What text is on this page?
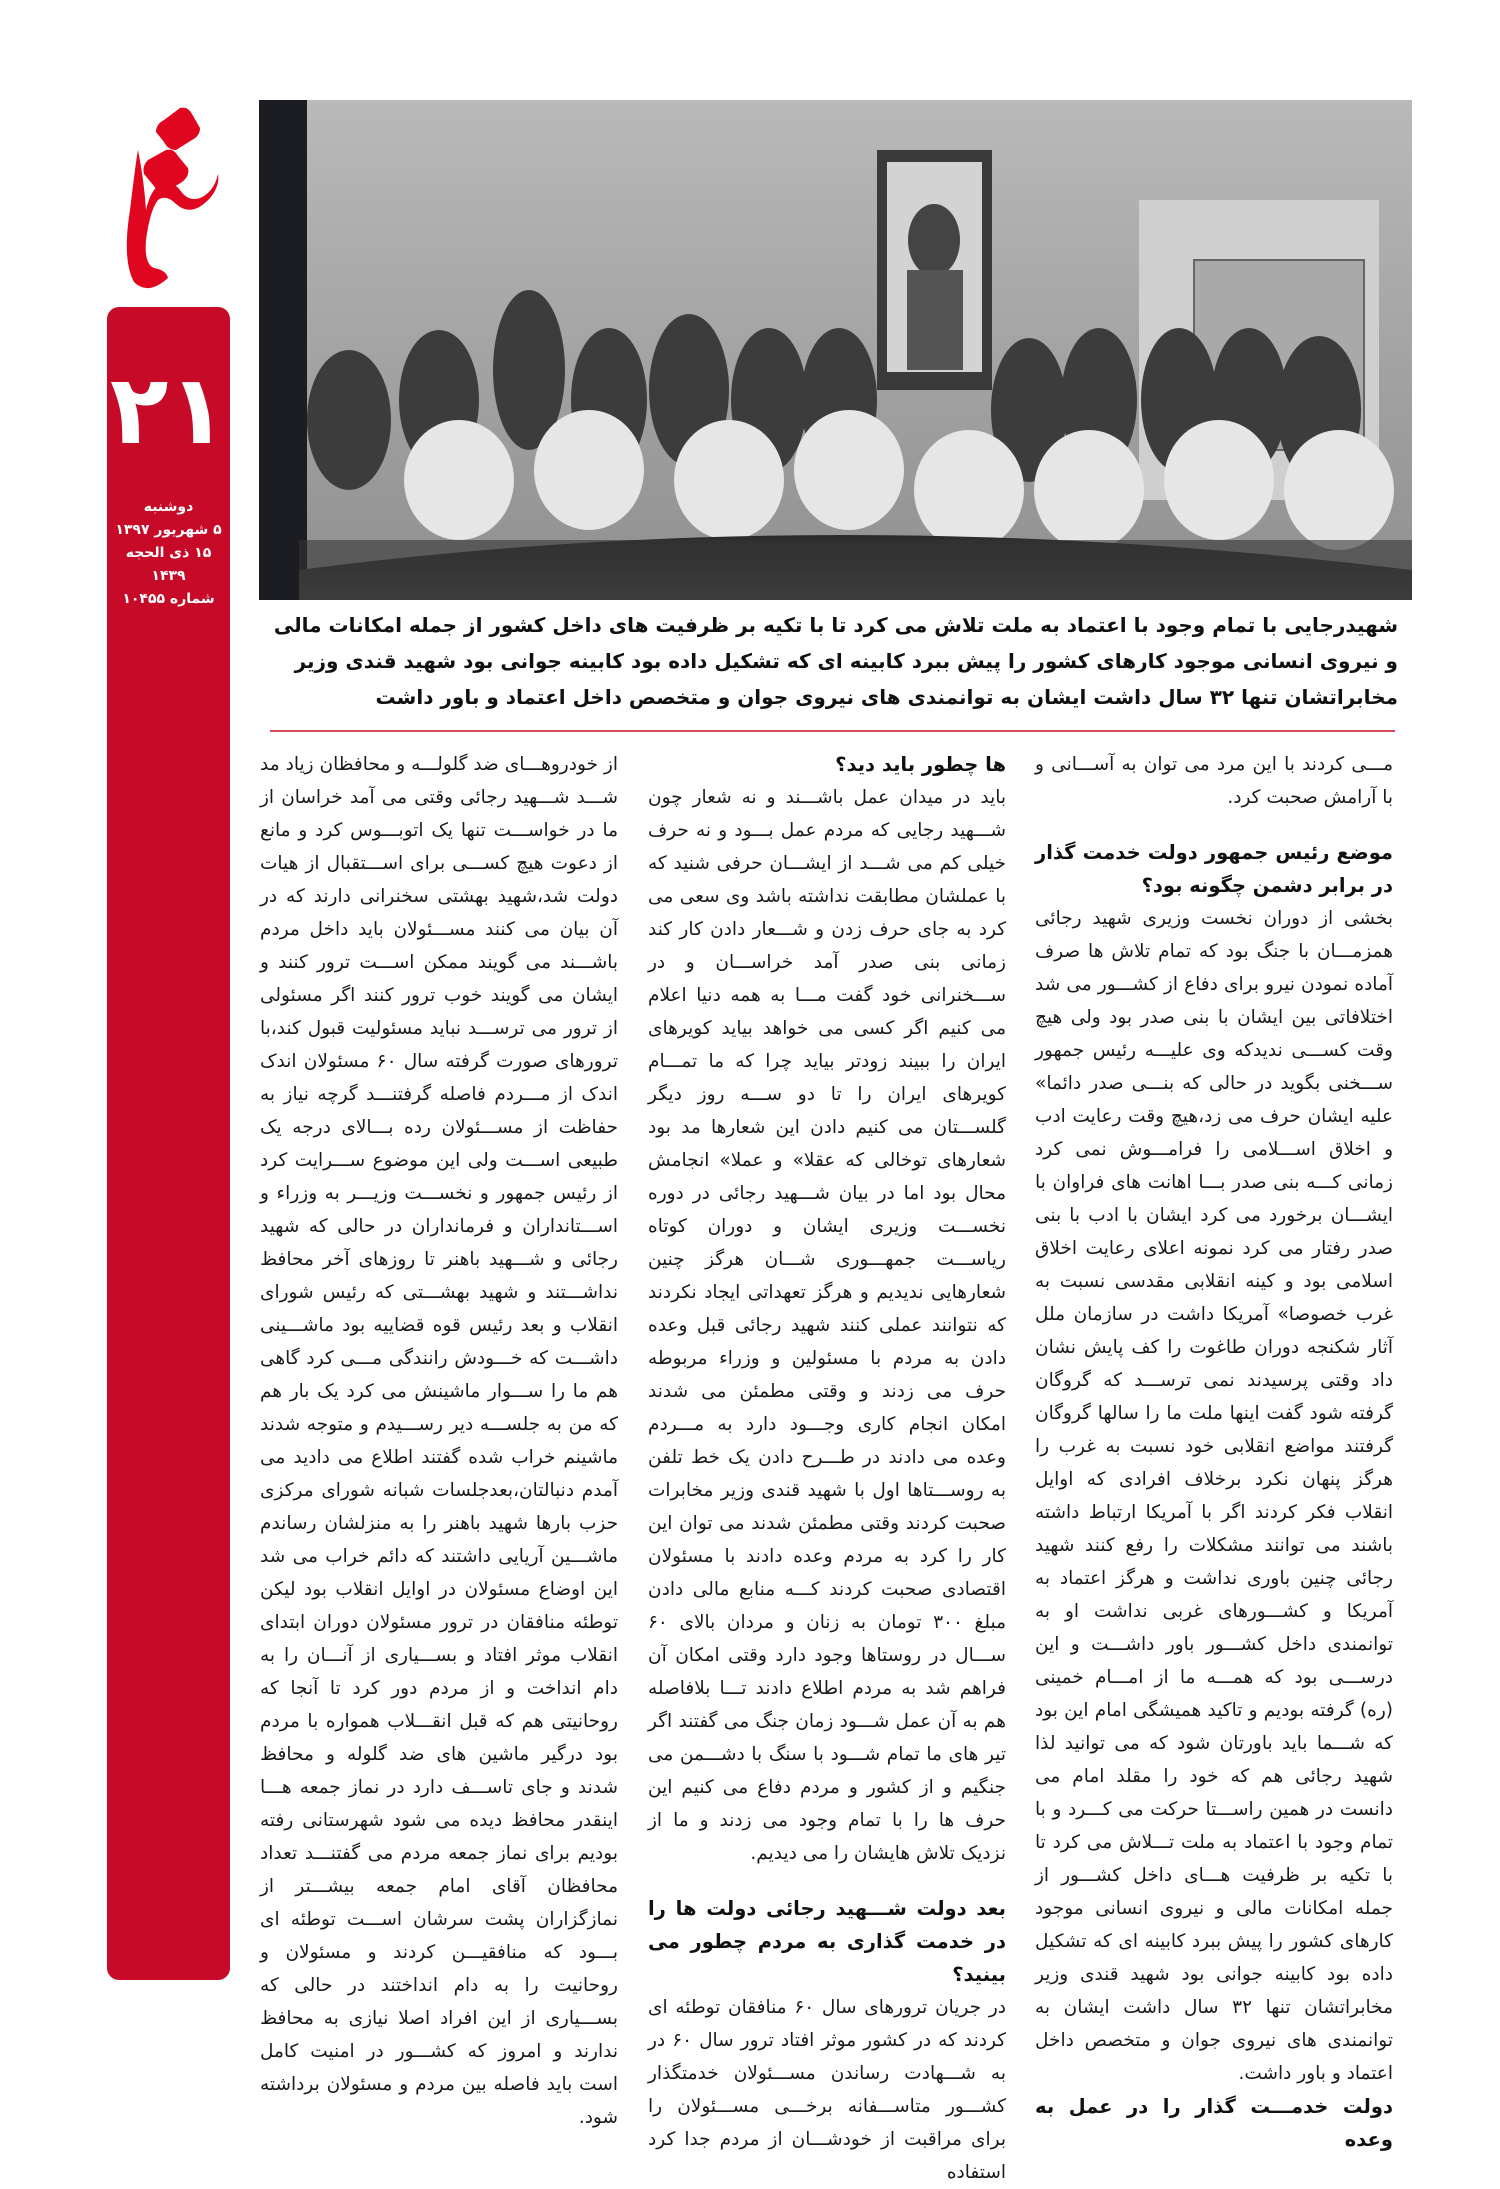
۲۱
دوشنبه
۵ شهریور ۱۳۹۷
۱۵ ذی الحجه ۱۴۳۹
شماره ۱۰۴۵۵
شهیدرجایی با تمام وجود با اعتماد به ملت تلاش می کرد تا با تکیه بر ظرفیت های داخل کشور از جمله امکانات مالی و نیروی انسانی موجود کارهای کشور را پیش ببرد کابینه ای که تشکیل داده بود کابینه جوانی بود شهید قندی وزیر مخابراتشان تنها ۳۲ سال داشت ایشان به توانمندی های نیروی جوان و متخصص داخل اعتماد و باور داشت

مـــی کردند با این مرد می توان به آســـانی و با آرامش صحبت کرد.

موضع رئیس جمهور دولت خدمت گذار در برابر دشمن چگونه بود؟

بخشی از دوران نخست وزیری شهید رجائی همزمـــان با جنگ بود که تمام تلاش ها صرف آماده نمودن نیرو برای دفاع از کشـــور می شد اختلافاتی بین ایشان با بنی صدر بود ولی هیچ وقت کســـی ندیدکه وی علیـــه رئیس جمهور ســـخنی بگوید در حالی که بنـــی صدر دائما» علیه ایشان حرف می زد،هیچ وقت رعایت ادب و اخلاق اســـلامی را فرامـــوش نمی کرد زمانی کـــه بنی صدر بـــا اهانت های فراوان با ایشـــان برخورد می کرد ایشان با ادب با بنی صدر رفتار می کرد نمونه اعلای رعایت اخلاق اسلامی بود و کینه انقلابی مقدسی نسبت به غرب خصوصا» آمریکا داشت در سازمان ملل آثار شکنجه دوران طاغوت را کف پایش نشان داد وقتی پرسیدند نمی ترســـد که گروگان گرفته شود گفت اینها ملت ما را سالها گروگان گرفتند مواضع انقلابی خود نسبت به غرب را هرگز پنهان نکرد برخلاف افرادی که اوایل انقلاب فکر کردند اگر با آمریکا ارتباط داشته باشند می توانند مشکلات را رفع کنند شهید رجائی چنین باوری نداشت و هرگز اعتماد به آمریکا و کشـــورهای غربی نداشت او به توانمندی داخل کشـــور باور داشـــت و این درســـی بود که همـــه ما از امـــام خمینی (ره) گرفته بودیم و تاکید همیشگی امام این بود که شـــما باید باورتان شود که می توانید لذا شهید رجائی هم که خود را مقلد امام می دانست در همین راســـتا حرکت می کـــرد و با تمام وجود با اعتماد به ملت تـــلاش می کرد تا با تکیه بر ظرفیت هـــای داخل کشـــور از جمله امکانات مالی و نیروی انسانی موجود کارهای کشور را پیش ببرد کابینه ای که تشکیل داده بود کابینه جوانی بود شهید قندی وزیر مخابراتشان تنها ۳۲ سال داشت ایشان به توانمندی های نیروی جوان و متخصص داخل اعتماد و باور داشت.

دولت خدمـــت گذار را در عمل به وعده
ها چطور باید دید؟

باید در میدان عمل باشـــند و نه شعار چون شـــهید رجایی که مردم عمل بـــود و نه حرف خیلی کم می شـــد از ایشـــان حرفی شنید که با عملشان مطابقت نداشته باشد وی سعی می کرد به جای حرف زدن و شـــعار دادن کار کند زمانی بنی صدر آمد خراســـان و در ســـخنرانی خود گفت مـــا به همه دنیا اعلام می کنیم اگر کسی می خواهد بیاید کویرهای ایران را ببیند زودتر بیاید چرا که ما تمـــام کویرهای ایران را تا دو ســـه روز دیگر گلســـتان می کنیم دادن این شعارها مد بود شعارهای توخالی که عقلا» و عملا» انجامش محال بود اما در بیان شـــهید رجائی در دوره نخســـت وزیری ایشان و دوران کوتاه ریاســـت جمهـــوری شـــان هرگز چنین شعارهایی ندیدیم و هرگز تعهداتی ایجاد نکردند که نتوانند عملی کنند شهید رجائی قبل وعده دادن به مردم با مسئولین و وزراء مربوطه حرف می زدند و وقتی مطمئن می شدند امکان انجام کاری وجـــود دارد به مـــردم وعده می دادند در طـــرح دادن یک خط تلفن به روســـتاها اول با شهید قندی وزیر مخابرات صحبت کردند وقتی مطمئن شدند می توان این کار را کرد به مردم وعده دادند با مسئولان اقتصادی صحبت کردند کـــه منابع مالی دادن مبلغ ۳۰۰ تومان به زنان و مردان بالای ۶۰ ســـال در روستاها وجود دارد وقتی امکان آن فراهم شد به مردم اطلاع دادند تـــا بلافاصله هم به آن عمل شـــود زمان جنگ می گفتند اگر تیر های ما تمام شـــود با سنگ با دشـــمن می جنگیم و از کشور و مردم دفاع می کنیم این حرف ها را با تمام وجود می زدند و ما از نزدیک تلاش هایشان را می دیدیم.

بعد دولت شـــهید رجائی دولت ها را در خدمت گذاری به مردم چطور می بینید؟

در جریان ترورهای سال ۶۰ منافقان توطئه ای کردند که در کشور موثر افتاد ترور سال ۶۰ در به شـــهادت رساندن مســـئولان خدمتگذار کشـــور متاســـفانه برخـــی مســـئولان را برای مراقبت از خودشـــان از مردم جدا کرد استفاده

از خودروهـــای ضد گلولـــه و محافظان زیاد مد شـــد شـــهید رجائی وقتی می آمد خراسان از ما در خواســـت تنها یک اتوبـــوس کرد و مانع از دعوت هیچ کســـی برای اســـتقبال از هیات دولت شد،شهید بهشتی سخنرانی دارند که در آن بیان می کنند مســـئولان باید داخل مردم باشـــند می گویند ممکن اســـت ترور کنند و ایشان می گویند خوب ترور کنند اگر مسئولی از ترور می ترســـد نباید مسئولیت قبول کند،با ترورهای صورت گرفته سال ۶۰ مسئولان اندک اندک از مـــردم فاصله گرفتنـــد گرچه نیاز به حفاظت از مســـئولان رده بـــالای درجه یک طبیعی اســـت ولی این موضوع ســـرایت کرد از رئیس جمهور و نخســـت وزیـــر به وزراء و اســـتانداران و فرمانداران در حالی که شهید رجائی و شـــهید باهنر تا روزهای آخر محافظ نداشـــتند و شهید بهشـــتی که رئیس شورای انقلاب و بعد رئیس قوه قضاییه بود ماشـــینی داشـــت که خـــودش رانندگی مـــی کرد گاهی هم ما را ســـوار ماشینش می کرد یک بار هم که من به جلســـه دیر رســـیدم و متوجه شدند ماشینم خراب شده گفتند اطلاع می دادید می آمدم دنبالتان،بعدجلسات شبانه شورای مرکزی حزب بارها شهید باهنر را به منزلشان رساندم ماشـــین آریایی داشتند که دائم خراب می شد این اوضاع مسئولان در اوایل انقلاب بود لیکن توطئه منافقان در ترور مسئولان دوران ابتدای انقلاب موثر افتاد و بســـیاری از آنـــان را به دام انداخت و از مردم دور کرد تا آنجا که روحانیتی هم که قبل انقـــلاب همواره با مردم بود درگیر ماشین های ضد گلوله و محافظ شدند و جای تاســـف دارد در نماز جمعه هـــا اینقدر محافظ دیده می شود شهرستانی رفته بودیم برای نماز جمعه مردم می گفتنـــد تعداد محافظان آقای امام جمعه بیشـــتر از نمازگزاران پشت سرشان اســـت توطئه ای بـــود که منافقیـــن کردند و مسئولان و روحانیت را به دام انداختند در حالی که بســـیاری از این افراد اصلا نیازی به محافظ ندارند و امروز که کشـــور در امنیت کامل است باید فاصله بین مردم و مسئولان برداشته شود.
